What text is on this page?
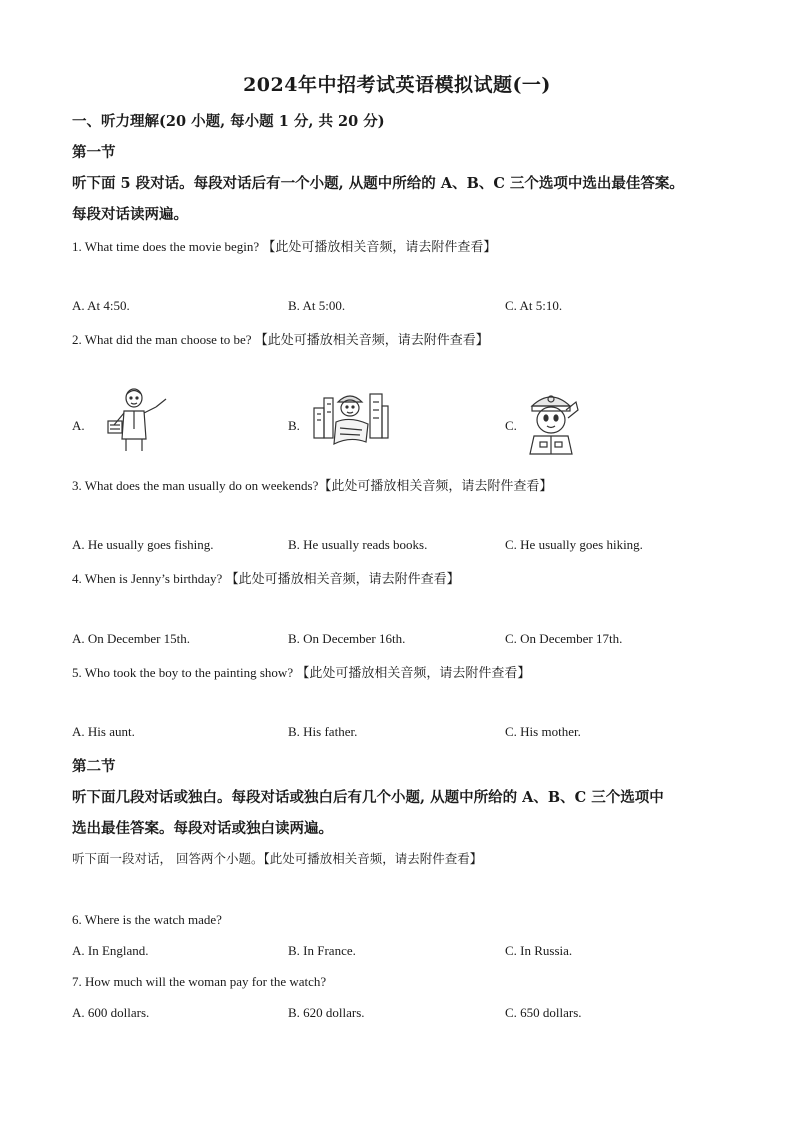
2024年中招考试英语模拟试题(一)
一、听力理解(20 小题, 每小题 1 分, 共 20 分)
第一节
听下面 5 段对话。每段对话后有一个小题, 从题中所给的 A、B、C 三个选项中选出最佳答案。
每段对话读两遍。
1. What time does the movie begin? 【此处可播放相关音频，请去附件查看】
A. At 4:50.	B. At 5:00.	C. At 5:10.
2. What did the man choose to be? 【此处可播放相关音频，请去附件查看】
A.	B.	C.
3. What does the man usually do on weekends?【此处可播放相关音频，请去附件查看】
A. He usually goes fishing.	B. He usually reads books.	C. He usually goes hiking.
4. When is Jenny’s birthday? 【此处可播放相关音频，请去附件查看】
A. On December 15th.	B. On December 16th.	C. On December 17th.
5. Who took the boy to the painting show? 【此处可播放相关音频，请去附件查看】
A. His aunt.	B. His father.	C. His mother.
第二节
听下面几段对话或独白。每段对话或独白后有几个小题, 从题中所给的 A、B、C 三个选项中
选出最佳答案。每段对话或独白读两遍。
听下面一段对话， 回答两个小题。【此处可播放相关音频，请去附件查看】
6. Where is the watch made?
A. In England.	B. In France.	C. In Russia.
7. How much will the woman pay for the watch?
A. 600 dollars.	B. 620 dollars.	C. 650 dollars.
